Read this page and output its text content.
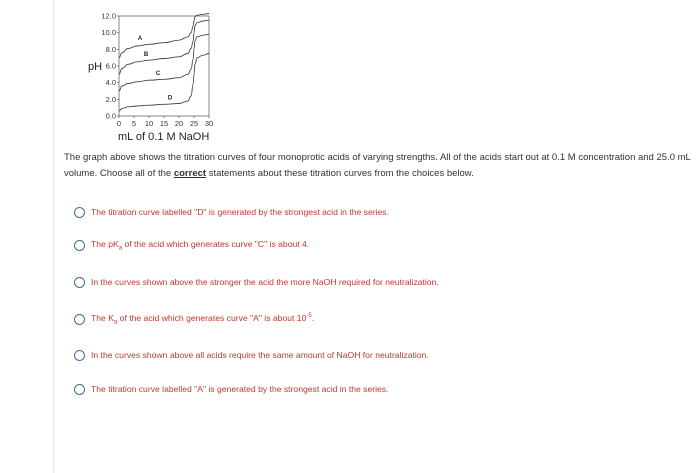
0.0
2.0
4.0
6.0
8.0
10.0
12.0
0 5 10 15 20 25 30
pH
mL of 0.1 M NaOH
A
B
C
D

The graph above shows the titration curves of four monoprotic acids of varying strengths. All of the acids start out at 0.1 M concentration and 25.0 mL volume. Choose all of the correct statements about these titration curves from the choices below.

The titration curve labelled "D" is generated by the strongest acid in the series.
The $pK_a$ of the acid which generates curve "C" is about 4.
In the curves shown above the stronger the acid the more NaOH required for neutralization.
The $K_a$ of the acid which generates curve "A" is about $10^{-5}$.
In the curves shown above all acids require the same amount of NaOH for neutralization.
The titration curve labelled "A" is generated by the strongest acid in the series.
